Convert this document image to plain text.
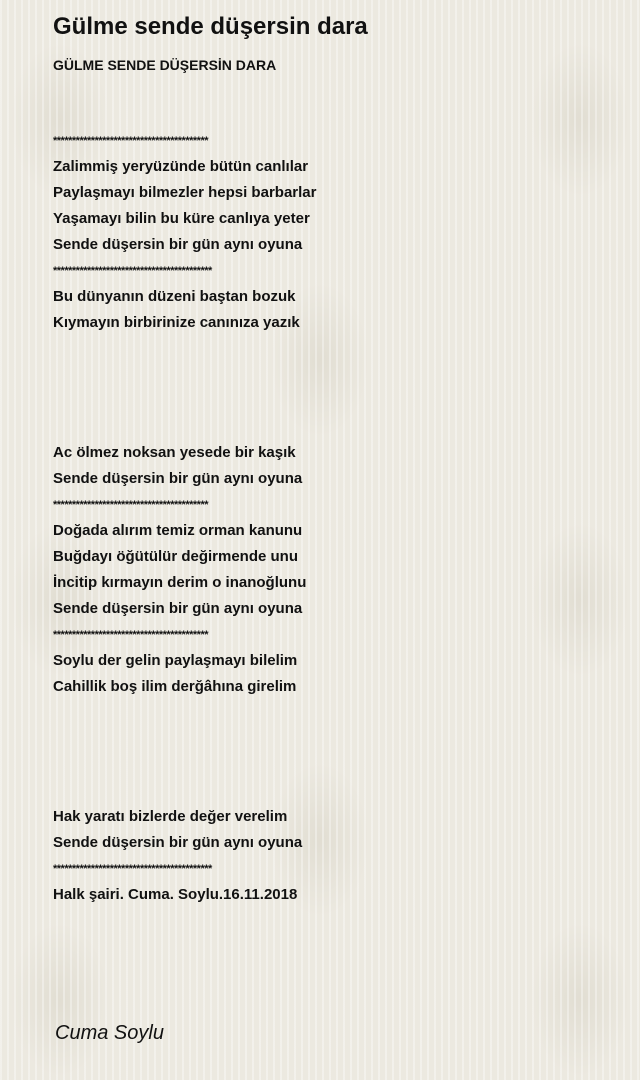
Gülme sende düşersin dara
GÜLME SENDE DÜŞERSİN DARA
*****************************************
Zalimmiş yeryüzünde bütün canlılar
Paylaşmayı bilmezler hepsi barbarlar
Yaşamayı bilin bu küre canlıya yeter
Sende düşersin bir gün aynı oyuna
******************************************
Bu dünyanın düzeni baştan bozuk
Kıymayın birbirinize canınıza yazık
Ac ölmez noksan yesede bir kaşık
Sende düşersin bir gün aynı oyuna
*****************************************
Doğada alırım temiz orman kanunu
Buğdayı öğütülür değirmende unu
İncitip kırmayın derim o inanoğlunu
Sende düşersin bir gün aynı oyuna
*****************************************
Soylu der gelin paylaşmayı bilelim
Cahillik boş ilim derğâhına girelim
Hak yaratı bizlerde değer verelim
Sende düşersin bir gün aynı oyuna
******************************************
Halk şairi. Cuma. Soylu.16.11.2018
Cuma Soylu
